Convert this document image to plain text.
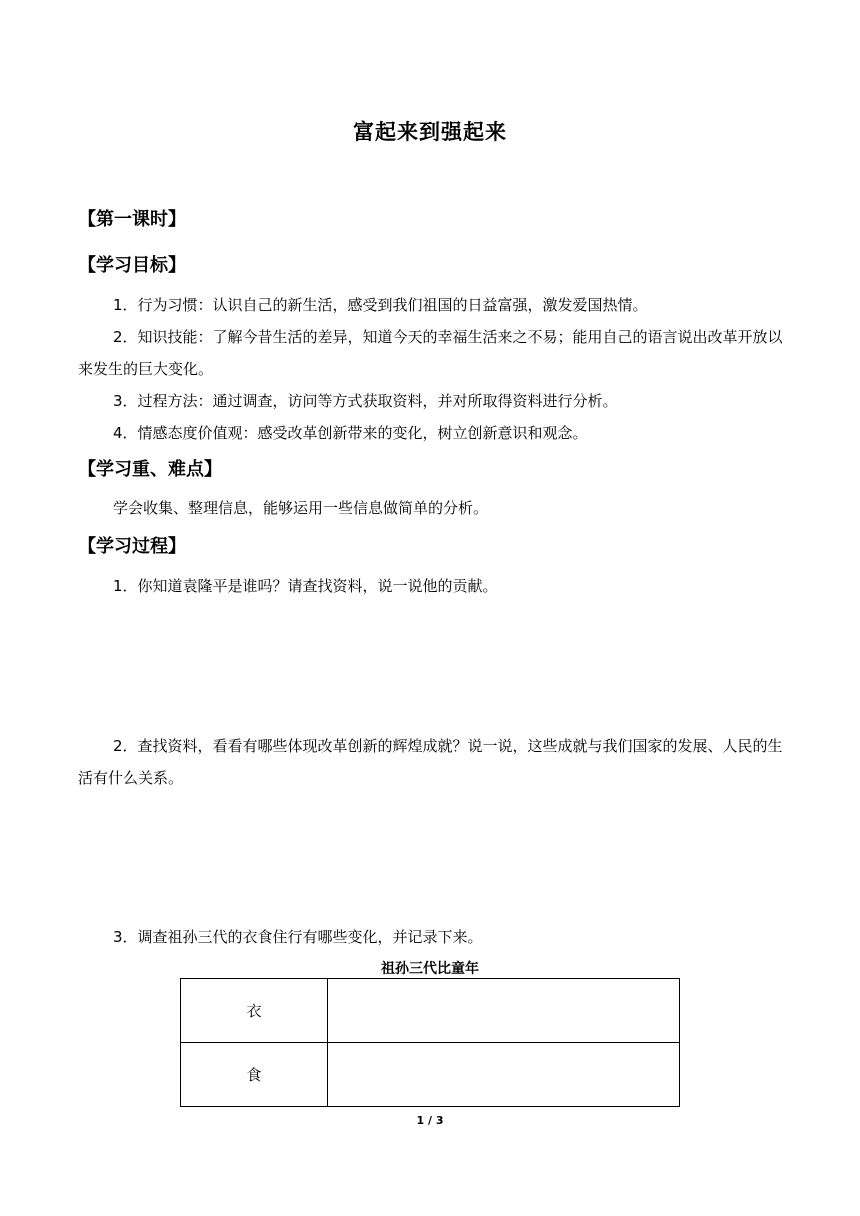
富起来到强起来
【第一课时】
【学习目标】
1．行为习惯：认识自己的新生活，感受到我们祖国的日益富强，激发爱国热情。
2．知识技能：了解今昔生活的差异，知道今天的幸福生活来之不易；能用自己的语言说出改革开放以来发生的巨大变化。
3．过程方法：通过调查，访问等方式获取资料，并对所取得资料进行分析。
4．情感态度价值观：感受改革创新带来的变化，树立创新意识和观念。
【学习重、难点】
学会收集、整理信息，能够运用一些信息做简单的分析。
【学习过程】
1．你知道袁隆平是谁吗？请查找资料，说一说他的贡献。
2．查找资料，看看有哪些体现改革创新的辉煌成就？说一说，这些成就与我们国家的发展、人民的生活有什么关系。
3．调查祖孙三代的衣食住行有哪些变化，并记录下来。
祖孙三代比童年
衣	
食	
1 / 3
